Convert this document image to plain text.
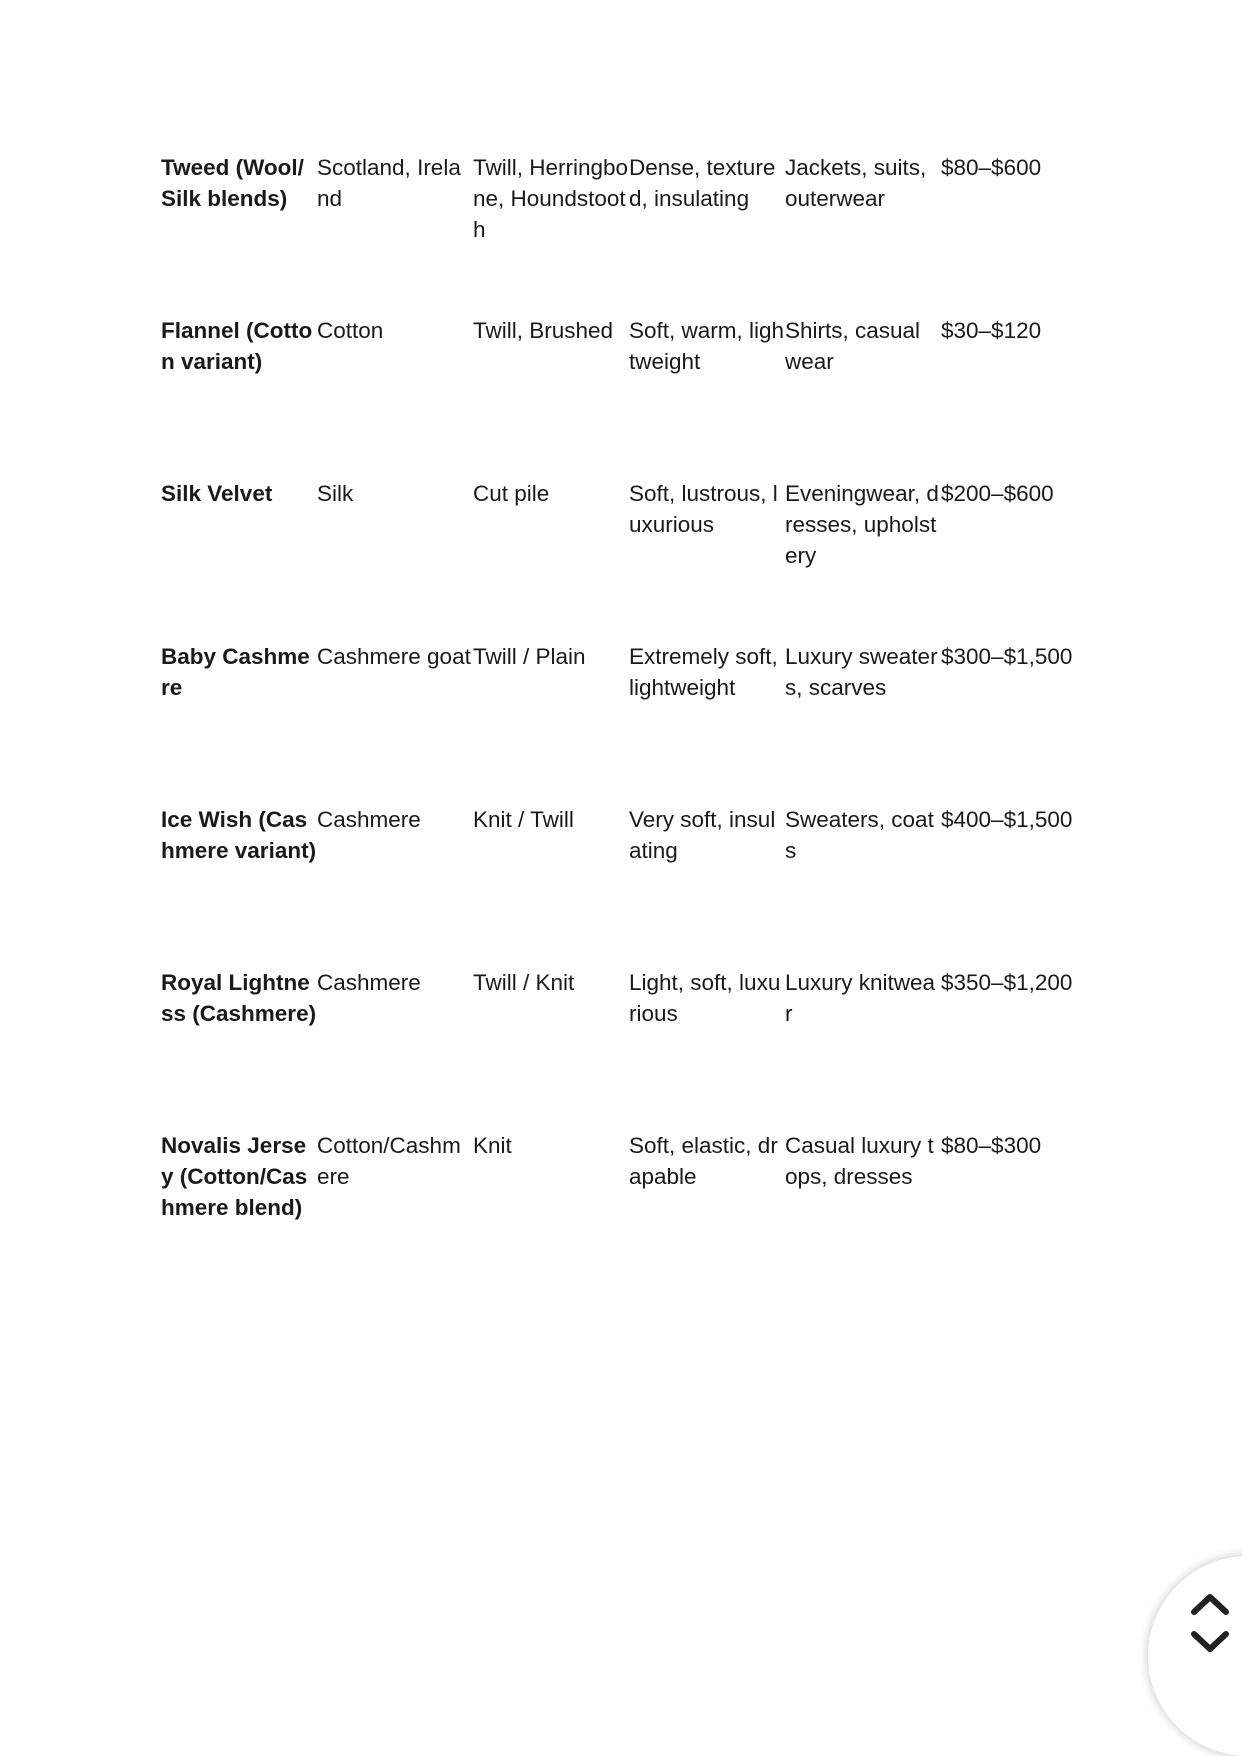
Tweed (Wool/Silk blends)	Scotland, Ireland	Twill, Herringbone, Houndstooth	Dense, textured, insulating	Jackets, suits, outerwear	$80–$600
Flannel (Cotton variant)	Cotton	Twill, Brushed	Soft, warm, lightweight	Shirts, casual wear	$30–$120
Silk Velvet	Silk	Cut pile	Soft, lustrous, luxurious	Eveningwear, dresses, upholstery	$200–$600
Baby Cashmere	Cashmere goat	Twill / Plain	Extremely soft, lightweight	Luxury sweaters, scarves	$300–$1,500
Ice Wish (Cashmere variant)	Cashmere	Knit / Twill	Very soft, insulating	Sweaters, coats	$400–$1,500
Royal Lightness (Cashmere)	Cashmere	Twill / Knit	Light, soft, luxurious	Luxury knitwear	$350–$1,200
Novalis Jersey (Cotton/Cashmere blend)	Cotton/Cashmere	Knit	Soft, elastic, drapable	Casual luxury tops, dresses	$80–$300
